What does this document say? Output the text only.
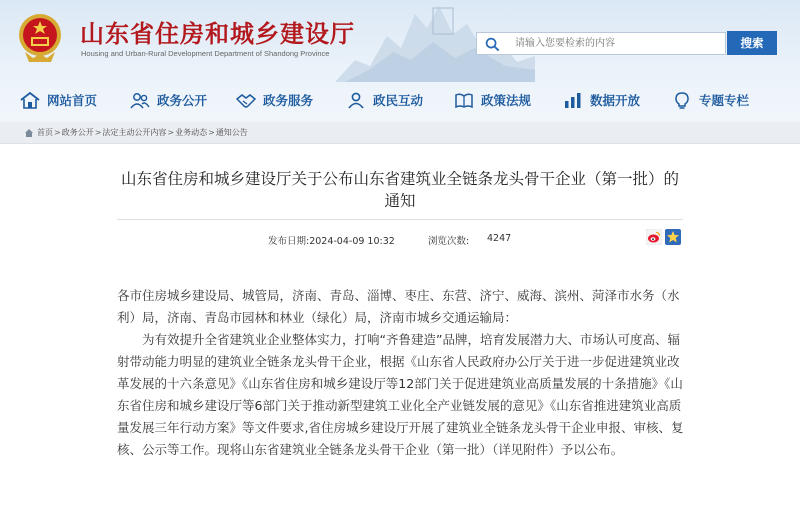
山东省住房和城乡建设厅
Housing and Urban-Rural Development Department of Shandong Province
请输入您要检索的内容
搜索
网站首页	政务公开	政务服务	政民互动	政策法规	数据开放	专题专栏
首页 > 政务公开 > 法定主动公开内容 > 业务动态 > 通知公告
山东省住房和城乡建设厅关于公布山东省建筑业全链条龙头骨干企业（第一批）的
通知
发布日期:2024-04-09 10:32	浏览次数: 4247

各市住房城乡建设局、城管局，济南、青岛、淄博、枣庄、东营、济宁、威海、滨州、菏泽市水务（水利）局，济南、青岛市园林和林业（绿化）局，济南市城乡交通运输局：

为有效提升全省建筑业企业整体实力，打响“齐鲁建造”品牌，培育发展潜力大、市场认可度高、辐射带动能力明显的建筑业全链条龙头骨干企业，根据《山东省人民政府办公厅关于进一步促进建筑业改革发展的十六条意见》《山东省住房和城乡建设厅等12部门关于促进建筑业高质量发展的十条措施》《山东省住房和城乡建设厅等6部门关于推动新型建筑工业化全产业链发展的意见》《山东省推进建筑业高质量发展三年行动方案》等文件要求,省住房城乡建设厅开展了建筑业全链条龙头骨干企业申报、审核、复核、公示等工作。现将山东省建筑业全链条龙头骨干企业（第一批）（详见附件）予以公布。
